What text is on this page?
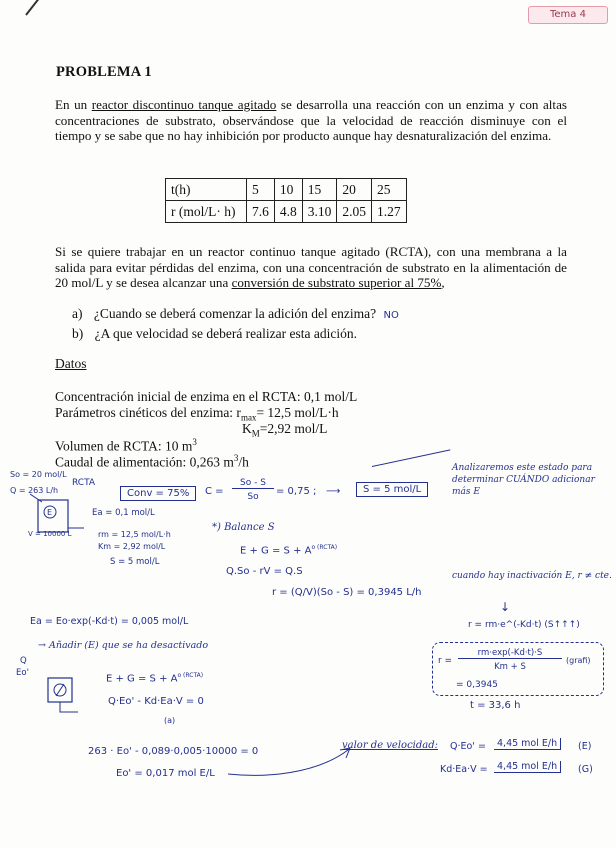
Tema 4
PROBLEMA 1

En un reactor discontinuo tanque agitado se desarrolla una reacción con un enzima y con altas concentraciones de substrato, observándose que la velocidad de reacción disminuye con el tiempo y se sabe que no hay inhibición por producto aunque hay desnaturalización del enzima.

t(h)	5	10	15	20	25
r (mol/L· h)	7.6	4.8	3.10	2.05	1.27

Si se quiere trabajar en un reactor continuo tanque agitado (RCTA), con una membrana a la salida para evitar pérdidas del enzima, con una concentración de substrato en la alimentación de 20 mol/L y se desea alcanzar una conversión de substrato superior al 75%,

a) ¿Cuando se deberá comenzar la adición del enzima? NO
b) ¿A que velocidad se deberá realizar esta adición.
Datos
Concentración inicial de enzima en el RCTA: 0,1 mol/L
Parámetros cinéticos del enzima: $r_{max}= 12,5$ mol/L·h
$K_M=2,92$ mol/L
Volumen de RCTA: 10 $m^3$
Caudal de alimentación: 0,263 $m^3/h$
So = 20 mol/L
Q = 263 L/h
RCTA
E
V = 10000 L
Conv = 75%	C =
So - S
So	= 0,75 ; ⟶	S = 5 mol/L
Analizaremos este estado para determinar CUÁNDO adicionar más E
Ea = 0,1 mol/L
rm = 12,5 mol/L·h
Km = 2,92 mol/L
S = 5 mol/L
*) Balance S
$E + G = S + A^{o (RCTA)}$
Q.So - rV = Q.S
r = (Q/V)(So - S) = 0,3945 L/h
cuando hay inactivación E, r ≠ cte.
↓
r = rm·e^(-Kd·t) (S↑↑↑)
r =
rm·exp(-Kd·t)·S
Km + S
(grafi)
= 0,3945
t = 33,6 h
Ea = Eo·exp(-Kd·t) = 0,005 mol/L
→ Añadir (E) que se ha desactivado
Q
Eo'
$E + G = S + A^{o (RCTA)}$
Q·Eo' - Kd·Ea·V = 0
(a)
263 · Eo' - 0,089·0,005·10000 = 0
Eo' = 0,017 mol E/L
valor de velocidad: Q·Eo' =	4,45 mol E/h	(E)
Kd·Ea·V = 4,45 mol E/h	(G)
